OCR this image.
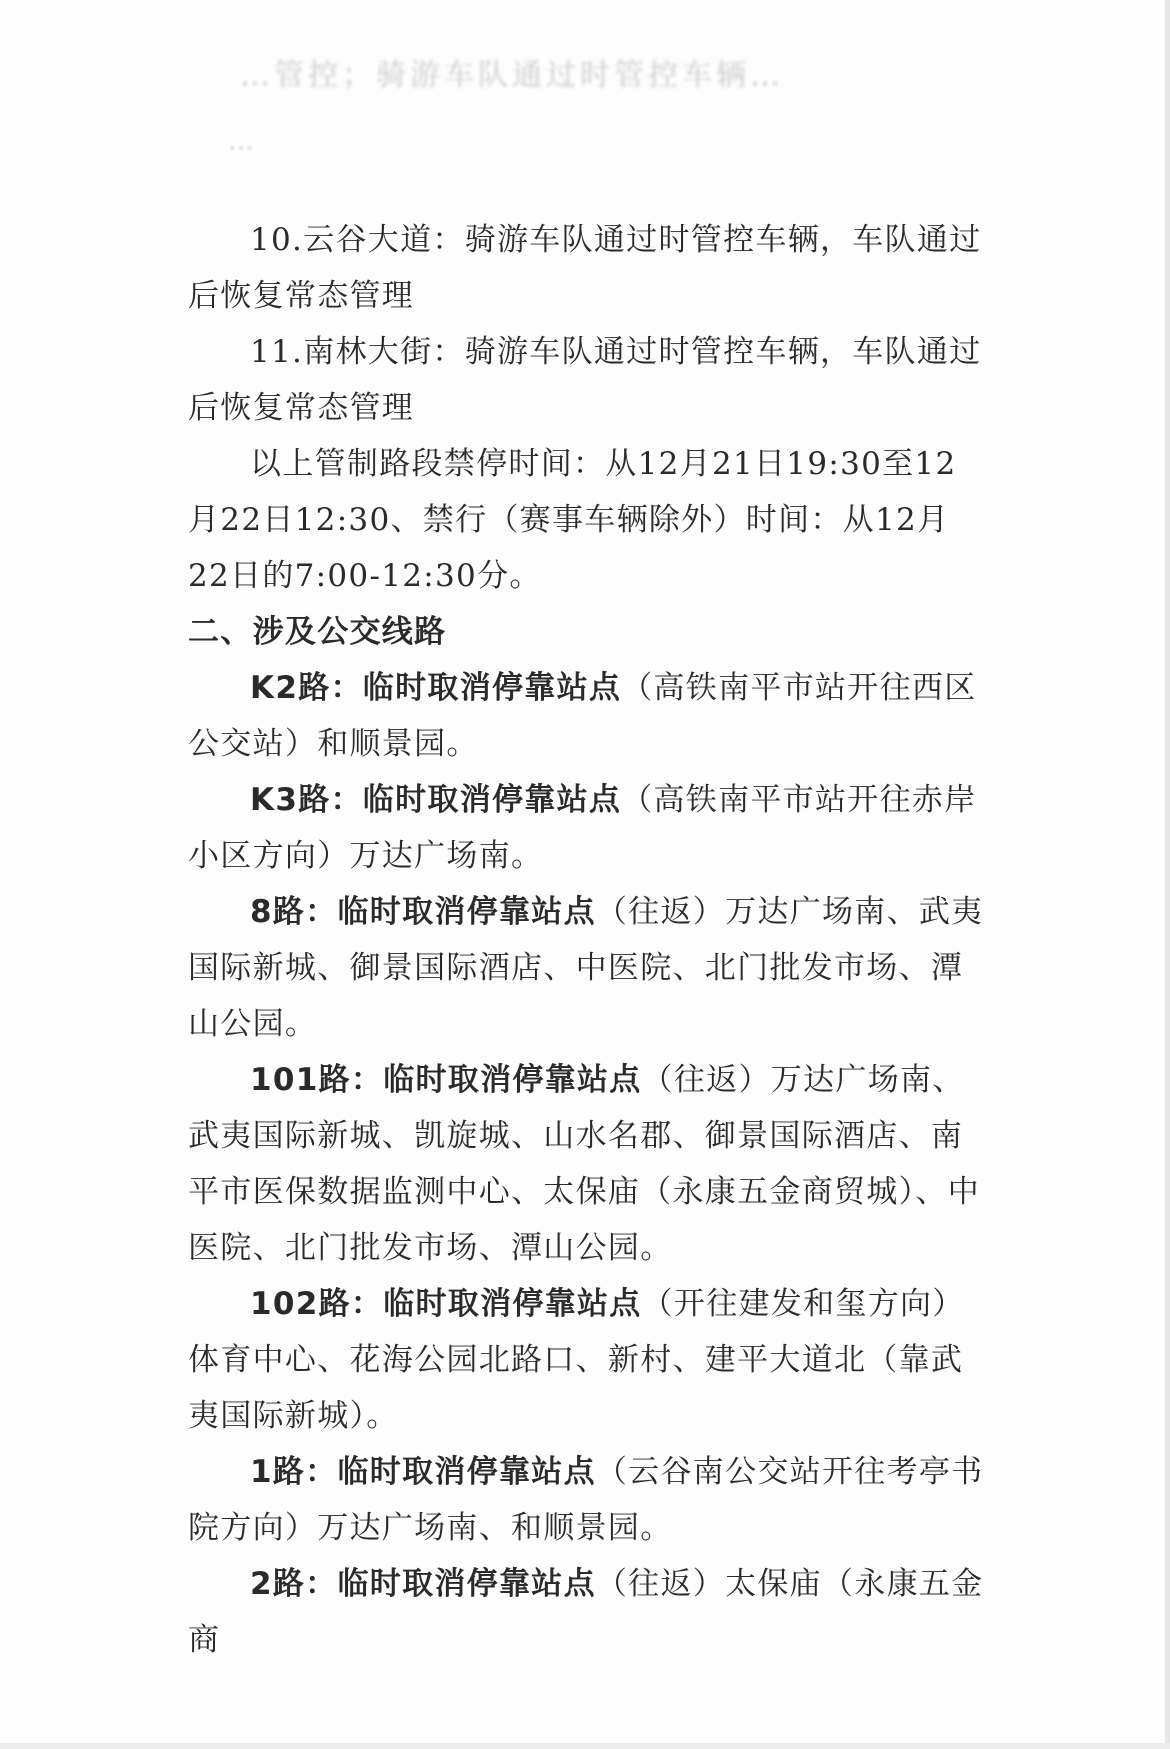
…管控；骑游车队通过时管控车辆…
…

10.云谷大道：骑游车队通过时管控车辆，车队通过后恢复常态管理

11.南林大街：骑游车队通过时管控车辆，车队通过后恢复常态管理

以上管制路段禁停时间：从12月21日19:30至12月22日12:30、禁行（赛事车辆除外）时间：从12月22日的7:00-12:30分。

二、涉及公交线路

K2路：临时取消停靠站点（高铁南平市站开往西区公交站）和顺景园。

K3路：临时取消停靠站点（高铁南平市站开往赤岸小区方向）万达广场南。

8路：临时取消停靠站点（往返）万达广场南、武夷国际新城、御景国际酒店、中医院、北门批发市场、潭山公园。

101路：临时取消停靠站点（往返）万达广场南、武夷国际新城、凯旋城、山水名郡、御景国际酒店、南平市医保数据监测中心、太保庙（永康五金商贸城）、中医院、北门批发市场、潭山公园。

102路：临时取消停靠站点（开往建发和玺方向）体育中心、花海公园北路口、新村、建平大道北（靠武夷国际新城）。

1路：临时取消停靠站点（云谷南公交站开往考亭书院方向）万达广场南、和顺景园。

2路：临时取消停靠站点（往返）太保庙（永康五金商
